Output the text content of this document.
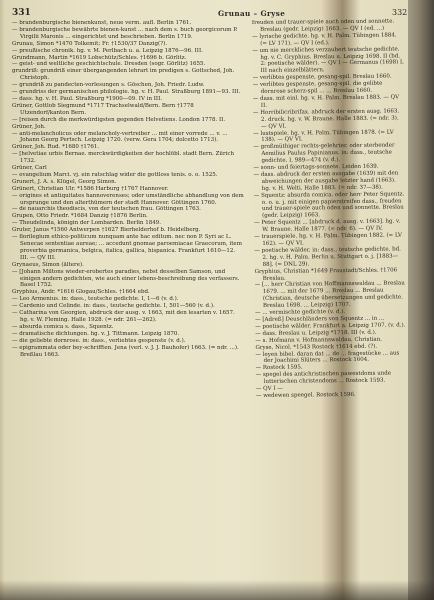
331	Grunau – Gryse	332
— brandenburgische bienenkunst, neue verm. aufl. Berlin 1761.
— brandenburgische bewährte bienen-kunst ... nach dem s. buch georgicorum P. Virgilii Maronis ... eingerichtet und beschrieben. Berlin 1719.
Grunau, Simon *1470 Tolkemit; Fr. †1530/37 Danzig(?).
— preußische chronik. hg. v. M. Perlbach u. a. Leipzig 1876—96. III.
Grundmann, Martin *1619 Lobschütz/Schles. †1696 b. Görlitz.
— geist- und weltliche geschichtschule. Dresden (sogr. Görlitz) 1655.
grundriß: grundriß einer übergangenden lehrart im predigen s. Gottsched, Joh. Christoph.
— grundriß zu pandecten-vorlesungen s. Göschen, Joh. Friedr. Ludw.
— grundriss der germanischen philologie. hg. v. H. Paul. Straßburg 1891—93. III.
— dass. hg. v. H. Paul. Straßburg *1900—09. IV in III.
Grüner, Gottlob Siegmund *1717 Trachselwald/Bern. Bern †1778 Utzendorf/kanton Bern.
— [reisen durch die merkwürdigsten gegenden Helvetiens. London 1778. II.
Grüner, Joh.
— anti-melancholicus oder melancholy-vertreiber ... mit einer vorrede ... v. ... Johann Georg Pertsch. Leipzig 1720. (verw. Gera 1704; dolcetto 1713).
Grüner, Joh. Rud. *1680 †1761.
— [helvetiae urbis Bernae. merckwürdigkeiten der hochlöbl. stadt Bern. Zürich 1732.
Grüner, Carl
— evangelium Marci. vj. ein ratschlag wider die gottloss tenis. o. o. 1525.
Grunert, J. A. s. Klügel, Georg Simon.
Grünert, Christian Ulr. *1586 Harburg †1767 Hannover.
— origines et antiquitates hannoverenses; oder umständliche abhandlung von dem ursprunge und den alterthümern der stadt Hannover. Göttingen 1760.
— de nauarchis theodiscis, von der teutschen frau. Göttingen 1763.
Grupen, Otto Friedr. *1684 Danzig †1876 Berlin.
— Theudelinda, königin der Lombarden. Berlin 1849.
Gruter, Janus *1560 Antwerpen †1627 Bierhelderhof b. Heidelberg.
— florilegium ethico-politicum nunquam ante hac editum. nec non P. Syri ac L. Senecae sententiae aureae; ... accedunt gnomae paroemiacae Graecorum, item proverbia germanica, belgica, italica, gallica, hispanica. Frankfurt 1610—12. III. — QV III.
Grynaeus, Simon (ältere).
— [Johann Miltons wieder-erobertes paradies, nebst desselben Samson, und einigen andern gedichten, wie auch einer lebens-beschreibung des verfassers. Basel 1752.
Gryphius, Andr. *1616 Glogau/Schles. †1664 ebd.
— Leo Armenius. in: dass., teutsche gedichte. I, 1—6 (v. d.).
— Cardenio und Celinde. in: dass., teutsche gedichte. I, 501—560 (v. d.).
— Catharina von Georgien, abdruck der ausg. v. 1663, mit den lesarten v. 1657. hg. v. W. Fleming. Halle 1928. (= ndr. 261—262).
— absurda comica s. dass., Squentz.
— dramatische dichtungen. hg. v. J. Tittmann. Leipzig 1870.
— die geliebte dornrose. in: dass., verliebtes gespenste (v. d.).
— epigrammata oder bey-schrifften. Jena (verl. v. J. J. Bauhofer) 1663. (= ndr. ...). Breßlau 1663.
freuden und trauer-spiele auch oden und sonnette. Breslau (gedr. Leipzig) 1663. — QV I (ed. ...)
— lyrische gedichte. hg. v. H. Palm. Tübingen 1884. (= LV 171). — QV I (ed.).
— um nie merckliches verzaubert teutsche gedichte. hg. v. C. Gryphius. Breslau u. Leipzig 1698. II (bd. 2: poetische wälder). — QV I — Germanus (1698) I, III nach einzelblättern.
— verlibtes gespenste, gesang-spil. Breslau 1660.
— verlibtes gespenste, gesang-spil. die gelibte dornrose scherz-spil ... ... Breslau 1660.
— dass. mit einl. hg. v. H. Palm. Breslau 1883. — QV II.
— Horribilicribrifax. abdruck der ersten ausg. 1663. 2. druck. hg. v. W. Braune. Halle 1883. (= ndr. 3). — QV VI.
— lustspiele. hg. v. H. Palm. Tübingen 1878. (= LV 138). — QV VI.
— großmüthiger rechts-gelehrter, oder sterbender Aemilius Paulus Papinianus. in: dass., teutsche gedichte. I, 989—474 (v. d.).
— sonn- und feiertags-sonnete. Leiden 1639.
— dass. abdruck der ersten ausgabe (1639) mit den abweichungen der ausgabe letzter hand (1663). hg. v. H. Welti. Halle 1883. (= ndr. 37—38).
— Squentz: absurda comica. oder herr Peter Squentz. o. o. u. j. mit einigen papierstreifen dass., freuden und trauer-spiele auch oden und sonnette. Breslau (gedr. Leipzig) 1663.
— Peter Squentz ... [abdruck d. ausg. v. 1663]. hg. v. W. Braune. Halle 1877. (= ndr. 6). — QV IV.
— trauerspiele. hg. v. H. Palm. Tübingen 1882. (= LV 162). — QV VI.
— poetische wälder. in: dass., teutsche gedichte. bd. 2. hg. v. H. Palm. Berlin u. Stuttgart o. j. [1883—88]. (= DNL 29).
Gryphius, Christian *1649 Fraustadt/Schles. †1706 Breslau.
— [... herr Christian von Hoffmannswaldau ... Breslau 1679. ... mit der 1679 ... Breslau ... Breslau (Christian, deutsche übersetzungen und gedichte. Breslau 1698. ... Leipzig) 1707.
— ... vermischte gedichte (v. d.).
— [Adreß] Deuschländers von Squentz ... in ...
— poetische wälder. Frankfurt a. Leipzig 1707. (v. d.).
— dass. Breslau u. Leipzig *1718. III (v. d.).
— s. Hofmann v. Hofmannswaldau, Christian.
Gryse, Nicol. *1543 Rostock †1614 ebd. (?).
— leyen bibel. daran dat ... de ... fragestücke ... aus der Joachimi Slüters ... Rostock 1604.
— Rostock 1595.
— spegel des antichristischen pawestdoms unde lutterischen christendoms ... Rostock 1593.
— QV I —
— wedewen speegel. Rostock 1596.
